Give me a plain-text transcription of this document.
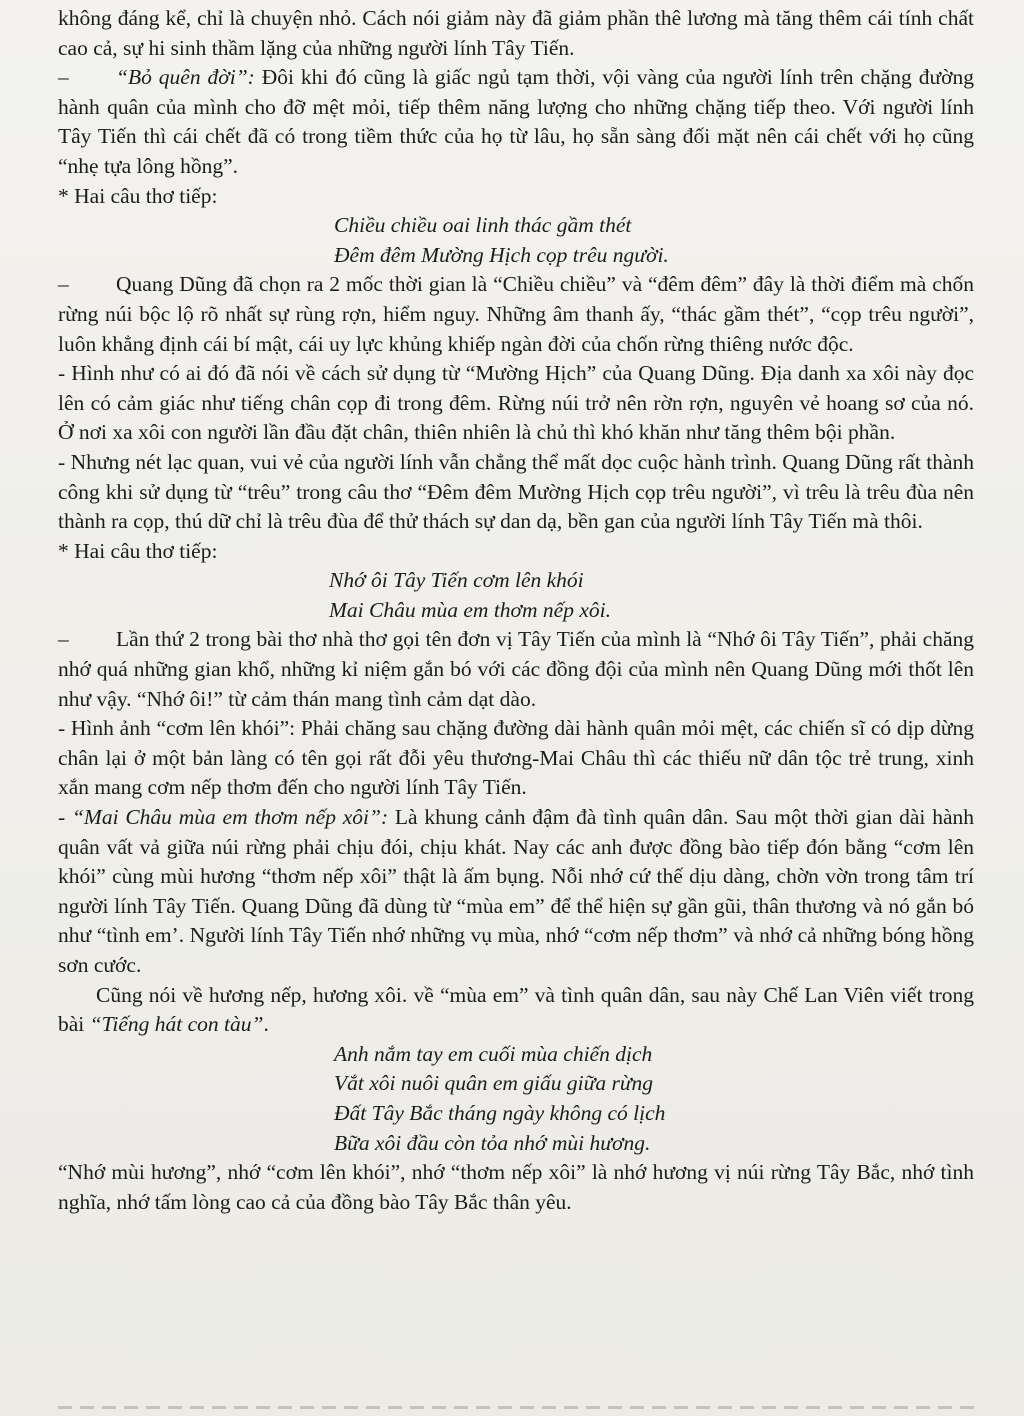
không đáng kể, chỉ là chuyện nhỏ. Cách nói giảm này đã giảm phần thê lương mà tăng thêm cái tính chất cao cả, sự hi sinh thầm lặng của những người lính Tây Tiến.

– “Bỏ quên đời”: Đôi khi đó cũng là giấc ngủ tạm thời, vội vàng của người lính trên chặng đường hành quân của mình cho đỡ mệt mỏi, tiếp thêm năng lượng cho những chặng tiếp theo. Với người lính Tây Tiến thì cái chết đã có trong tiềm thức của họ từ lâu, họ sẵn sàng đối mặt nên cái chết với họ cũng “nhẹ tựa lông hồng”.

* Hai câu thơ tiếp:

Chiều chiều oai linh thác gầm thét
Đêm đêm Mường Hịch cọp trêu người.

– Quang Dũng đã chọn ra 2 mốc thời gian là “Chiều chiều” và “đêm đêm” đây là thời điểm mà chốn rừng núi bộc lộ rõ nhất sự rùng rợn, hiểm nguy. Những âm thanh ấy, “thác gầm thét”, “cọp trêu người”, luôn khẳng định cái bí mật, cái uy lực khủng khiếp ngàn đời của chốn rừng thiêng nước độc.

- Hình như có ai đó đã nói về cách sử dụng từ “Mường Hịch” của Quang Dũng. Địa danh xa xôi này đọc lên có cảm giác như tiếng chân cọp đi trong đêm. Rừng núi trở nên rờn rợn, nguyên vẻ hoang sơ của nó. Ở nơi xa xôi con người lần đầu đặt chân, thiên nhiên là chủ thì khó khăn như tăng thêm bội phần.

- Nhưng nét lạc quan, vui vẻ của người lính vẫn chẳng thể mất dọc cuộc hành trình. Quang Dũng rất thành công khi sử dụng từ “trêu” trong câu thơ “Đêm đêm Mường Hịch cọp trêu người”, vì trêu là trêu đùa nên thành ra cọp, thú dữ chỉ là trêu đùa để thử thách sự dan dạ, bền gan của người lính Tây Tiến mà thôi.

* Hai câu thơ tiếp:

Nhớ ôi Tây Tiến cơm lên khói
Mai Châu mùa em thơm nếp xôi.

– Lần thứ 2 trong bài thơ nhà thơ gọi tên đơn vị Tây Tiến của mình là “Nhớ ôi Tây Tiến”, phải chăng nhớ quá những gian khổ, những kỉ niệm gắn bó với các đồng đội của mình nên Quang Dũng mới thốt lên như vậy. “Nhớ ôi!” từ cảm thán mang tình cảm dạt dào.

- Hình ảnh “cơm lên khói”: Phải chăng sau chặng đường dài hành quân mỏi mệt, các chiến sĩ có dịp dừng chân lại ở một bản làng có tên gọi rất đỗi yêu thương-Mai Châu thì các thiếu nữ dân tộc trẻ trung, xinh xắn mang cơm nếp thơm đến cho người lính Tây Tiến.

- “Mai Châu mùa em thơm nếp xôi”: Là khung cảnh đậm đà tình quân dân. Sau một thời gian dài hành quân vất vả giữa núi rừng phải chịu đói, chịu khát. Nay các anh được đồng bào tiếp đón bằng “cơm lên khói” cùng mùi hương “thơm nếp xôi” thật là ấm bụng. Nỗi nhớ cứ thế dịu dàng, chờn vờn trong tâm trí người lính Tây Tiến. Quang Dũng đã dùng từ “mùa em” để thể hiện sự gần gũi, thân thương và nó gắn bó như “tình em’. Người lính Tây Tiến nhớ những vụ mùa, nhớ “cơm nếp thơm” và nhớ cả những bóng hồng sơn cước.

Cũng nói về hương nếp, hương xôi. về “mùa em” và tình quân dân, sau này Chế Lan Viên viết trong bài “Tiếng hát con tàu”.

Anh nắm tay em cuối mùa chiến dịch
Vắt xôi nuôi quân em giấu giữa rừng
Đất Tây Bắc tháng ngày không có lịch
Bữa xôi đầu còn tỏa nhớ mùi hương.

“Nhớ mùi hương”, nhớ “cơm lên khói”, nhớ “thơm nếp xôi” là nhớ hương vị núi rừng Tây Bắc, nhớ tình nghĩa, nhớ tấm lòng cao cả của đồng bào Tây Bắc thân yêu.
